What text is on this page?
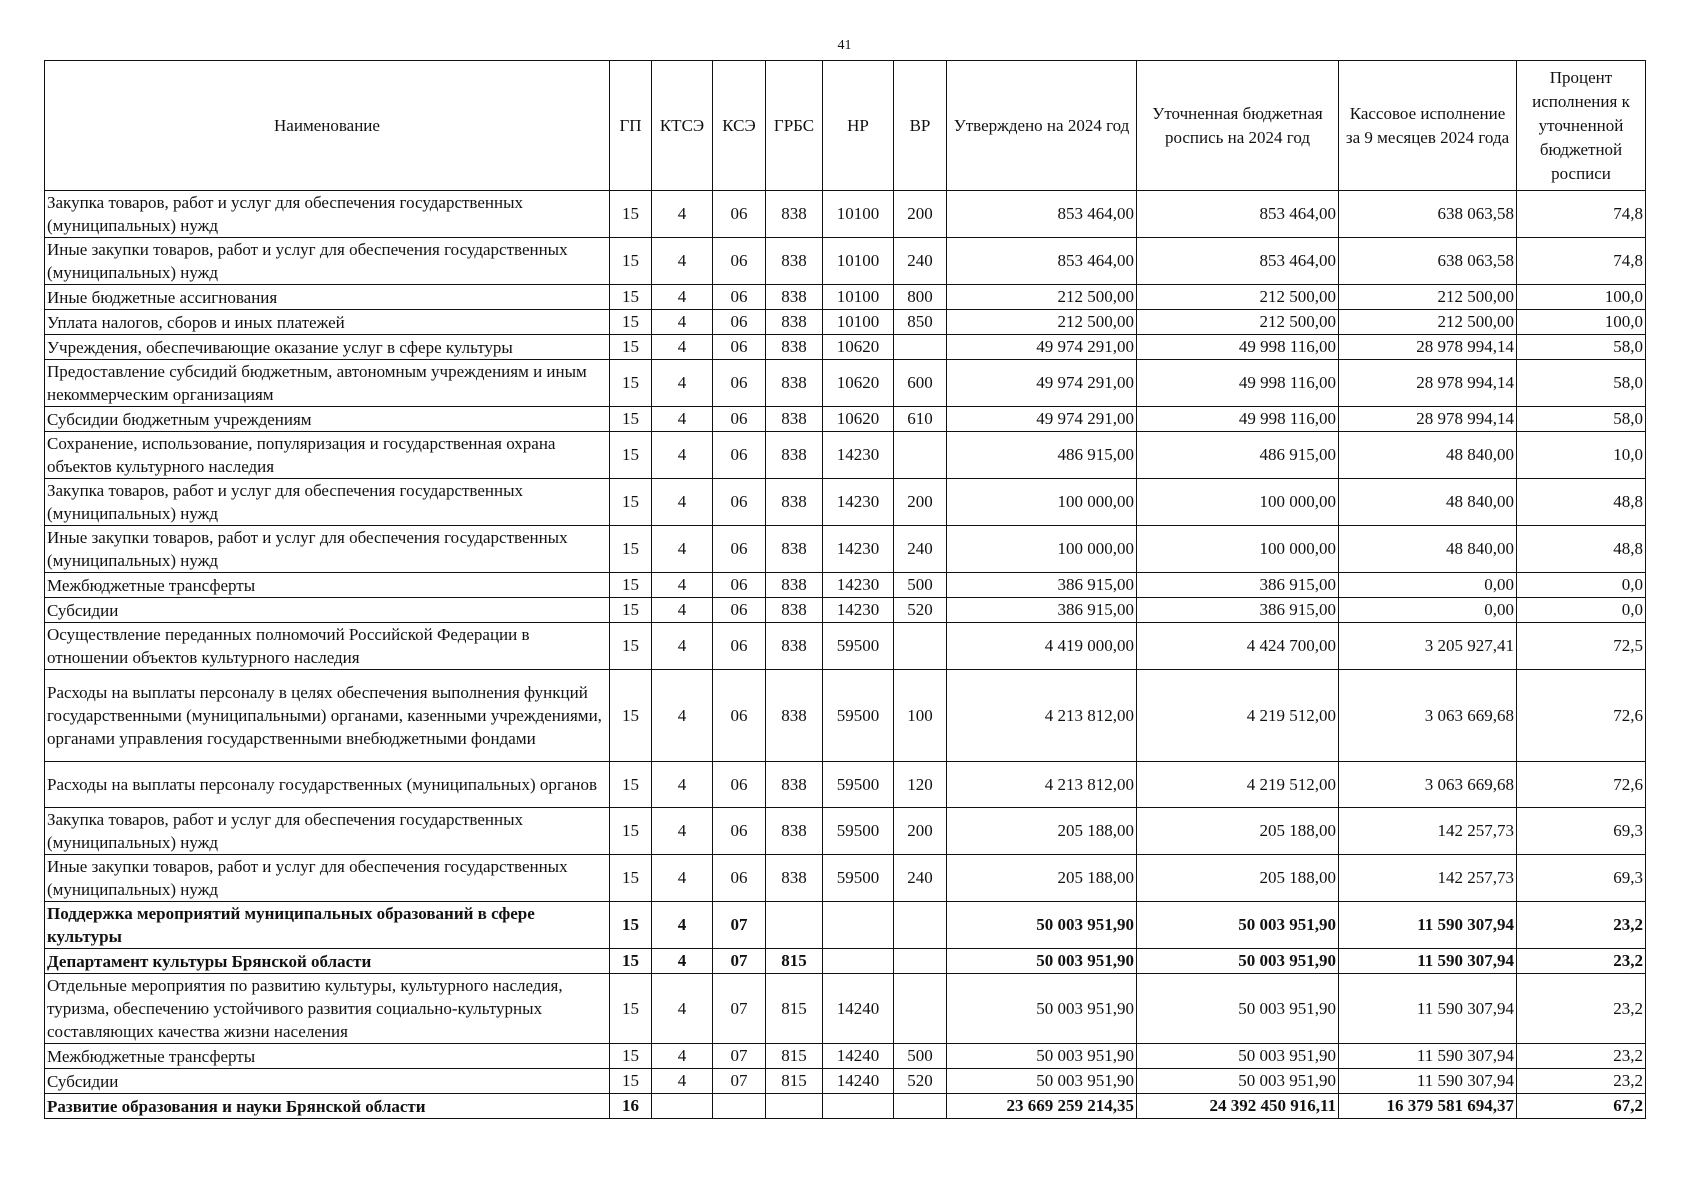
41
Наименование	ГП	КТСЭ	КСЭ	ГРБС	НР	ВР	Утверждено на 2024 год	Уточненная бюджетная роспись на 2024 год	Кассовое исполнение за 9 месяцев 2024 года	Процент исполнения к уточненной бюджетной росписи
Закупка товаров, работ и услуг для обеспечения государственных (муниципальных) нужд	15	4	06	838	10100	200	853 464,00	853 464,00	638 063,58	74,8
Иные закупки товаров, работ и услуг для обеспечения государственных (муниципальных) нужд	15	4	06	838	10100	240	853 464,00	853 464,00	638 063,58	74,8
Иные бюджетные ассигнования	15	4	06	838	10100	800	212 500,00	212 500,00	212 500,00	100,0
Уплата налогов, сборов и иных платежей	15	4	06	838	10100	850	212 500,00	212 500,00	212 500,00	100,0
Учреждения, обеспечивающие оказание услуг в сфере культуры	15	4	06	838	10620		49 974 291,00	49 998 116,00	28 978 994,14	58,0
Предоставление субсидий бюджетным, автономным учреждениям и иным некоммерческим организациям	15	4	06	838	10620	600	49 974 291,00	49 998 116,00	28 978 994,14	58,0
Субсидии бюджетным учреждениям	15	4	06	838	10620	610	49 974 291,00	49 998 116,00	28 978 994,14	58,0
Сохранение, использование, популяризация и государственная охрана объектов культурного наследия	15	4	06	838	14230		486 915,00	486 915,00	48 840,00	10,0
Закупка товаров, работ и услуг для обеспечения государственных (муниципальных) нужд	15	4	06	838	14230	200	100 000,00	100 000,00	48 840,00	48,8
Иные закупки товаров, работ и услуг для обеспечения государственных (муниципальных) нужд	15	4	06	838	14230	240	100 000,00	100 000,00	48 840,00	48,8
Межбюджетные трансферты	15	4	06	838	14230	500	386 915,00	386 915,00	0,00	0,0
Субсидии	15	4	06	838	14230	520	386 915,00	386 915,00	0,00	0,0
Осуществление переданных полномочий Российской Федерации в отношении объектов культурного наследия	15	4	06	838	59500		4 419 000,00	4 424 700,00	3 205 927,41	72,5
Расходы на выплаты персоналу в целях обеспечения выполнения функций государственными (муниципальными) органами, казенными учреждениями, органами управления государственными внебюджетными фондами	15	4	06	838	59500	100	4 213 812,00	4 219 512,00	3 063 669,68	72,6
Расходы на выплаты персоналу государственных (муниципальных) органов	15	4	06	838	59500	120	4 213 812,00	4 219 512,00	3 063 669,68	72,6
Закупка товаров, работ и услуг для обеспечения государственных (муниципальных) нужд	15	4	06	838	59500	200	205 188,00	205 188,00	142 257,73	69,3
Иные закупки товаров, работ и услуг для обеспечения государственных (муниципальных) нужд	15	4	06	838	59500	240	205 188,00	205 188,00	142 257,73	69,3
Поддержка мероприятий муниципальных образований в сфере культуры	15	4	07				50 003 951,90	50 003 951,90	11 590 307,94	23,2
Департамент культуры Брянской области	15	4	07	815			50 003 951,90	50 003 951,90	11 590 307,94	23,2
Отдельные мероприятия по развитию культуры, культурного наследия, туризма, обеспечению устойчивого развития социально-культурных составляющих качества жизни населения	15	4	07	815	14240		50 003 951,90	50 003 951,90	11 590 307,94	23,2
Межбюджетные трансферты	15	4	07	815	14240	500	50 003 951,90	50 003 951,90	11 590 307,94	23,2
Субсидии	15	4	07	815	14240	520	50 003 951,90	50 003 951,90	11 590 307,94	23,2
Развитие образования и науки Брянской области	16						23 669 259 214,35	24 392 450 916,11	16 379 581 694,37	67,2
